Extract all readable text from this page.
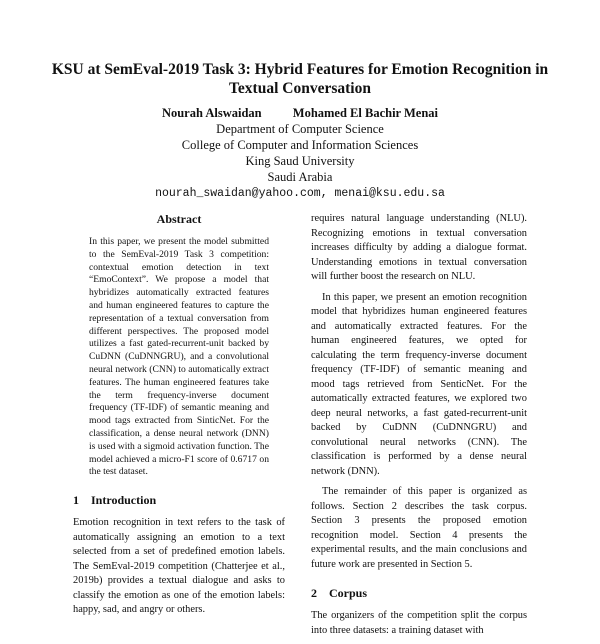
KSU at SemEval-2019 Task 3: Hybrid Features for Emotion Recognition in Textual Conversation
Nourah Alswaidan Mohamed El Bachir Menai
Department of Computer Science
College of Computer and Information Sciences
King Saud University
Saudi Arabia
nourah_swaidan@yahoo.com, menai@ksu.edu.sa
Abstract

In this paper, we present the model submitted to the SemEval-2019 Task 3 competition: contextual emotion detection in text “EmoContext”. We propose a model that hybridizes automatically extracted features and human engineered features to capture the representation of a textual conversation from different perspectives. The proposed model utilizes a fast gated-recurrent-unit backed by CuDNN (CuDNNGRU), and a convolutional neural network (CNN) to automatically extract features. The human engineered features take the term frequency-inverse document frequency (TF-IDF) of semantic meaning and mood tags extracted from SinticNet. For the classification, a dense neural network (DNN) is used with a sigmoid activation function. The model achieved a micro-F1 score of 0.6717 on the test dataset.

1 Introduction

Emotion recognition in text refers to the task of automatically assigning an emotion to a text selected from a set of predefined emotion labels. The SemEval-2019 competition (Chatterjee et al., 2019b) provides a textual dialogue and asks to classify the emotion as one of the emotion labels: happy, sad, and angry or others.

requires natural language understanding (NLU). Recognizing emotions in textual conversation increases difficulty by adding a dialogue format. Understanding emotions in textual conversation will further boost the research on NLU.

In this paper, we present an emotion recognition model that hybridizes human engineered features and automatically extracted features. For the human engineered features, we opted for calculating the term frequency-inverse document frequency (TF-IDF) of semantic meaning and mood tags retrieved from SenticNet. For the automatically extracted features, we explored two deep neural networks, a fast gated-recurrent-unit backed by CuDNN (CuDNNGRU) and convolutional neural networks (CNN). The classification is performed by a dense neural network (DNN).

The remainder of this paper is organized as follows. Section 2 describes the task corpus. Section 3 presents the proposed emotion recognition model. Section 4 presents the experimental results, and the main conclusions and future work are presented in Section 5.

2 Corpus

The organizers of the competition split the corpus into three datasets: a training dataset with
